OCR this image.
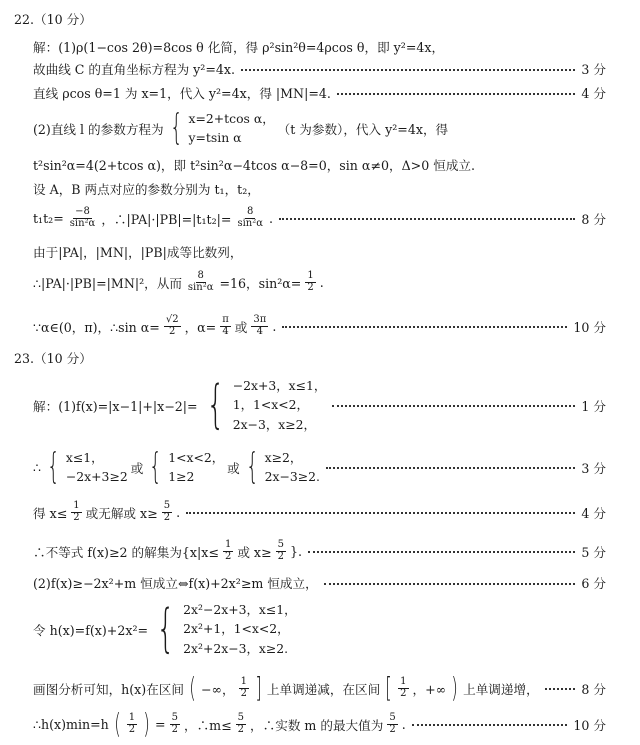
22.（10 分）
解：(1)ρ(1−cos 2θ)=8cos θ 化简，得 ρ²sin²θ=4ρcos θ，即 y²=4x，
故曲线 C 的直角坐标方程为 y²=4x.	3 分
直线 ρcos θ=1 为 x=1，代入 y²=4x，得 |MN|=4.	4 分
(2)直线 l 的参数方程为 { x=2+tcos α，
y=tsin α
（t 为参数），代入 y²=4x，得
t²sin²α=4(2+tcos α)，即 t²sin²α−4tcos α−8=0，sin α≠0，Δ>0 恒成立.
设 A，B 两点对应的参数分别为 t₁，t₂，
$t_1t_2= \frac{-8}{\text{sin²α}}$ ，∴|PA|·|PB|=|t₁t₂|= $\frac{8}{\text{sin²α}}$ .	8 分
由于|PA|，|MN|，|PB|成等比数列，
∴|PA|·|PB|=|MN|²，从而 $\frac{8}{\text{sin²α}} =16$，$\sin^2\alpha= \frac{1}{2}$ .
∵α∈(0，π)，∴sin $\alpha= \frac{√2}{2}$ ，$\alpha= \frac{\pi}{4}$ 或 $\frac{3\pi}{4}$ .	10 分
23.（10 分）
解：(1)f(x)=|x−1|+|x−2|= { −2x+3，x≤1，
1，1<x<2，
2x−3，x≥2，
1 分
∴ { x≤1，
−2x+3≥2
或 { 1<x<2，
1≥2
或 { x≥2，
2x−3≥2.
3 分
得 $x\le \frac{1}{2}$ 或无解或 $x\ge \frac{5}{2}$ .	4 分
∴不等式 f(x)≥2 的解集为{$x|x\le \frac{1}{2}$ 或 $x\ge \frac{5}{2}$ }.	5 分
(2)f(x)≥−2x²+m 恒成立⇔f(x)+2x²≥m 恒成立，	6 分
令 h(x)=f(x)+2x²= { 2x²−2x+3，x≤1，
2x²+1，1<x<2，
2x²+2x−3，x≥2.
画图分析可知，h(x)在区间 ( −∞， $\frac{1}{2}$ ] 上单调递减，在区间 [ $\frac{1}{2}$ ，+∞ ) 上单调递增，	8 分
∴h(x)min=h ( $\frac{1}{2}$ ) = $\frac{5}{2}$ ，∴m≤ $\frac{5}{2}$ ，∴实数 m 的最大值为 $\frac{5}{2}$ .	10 分
